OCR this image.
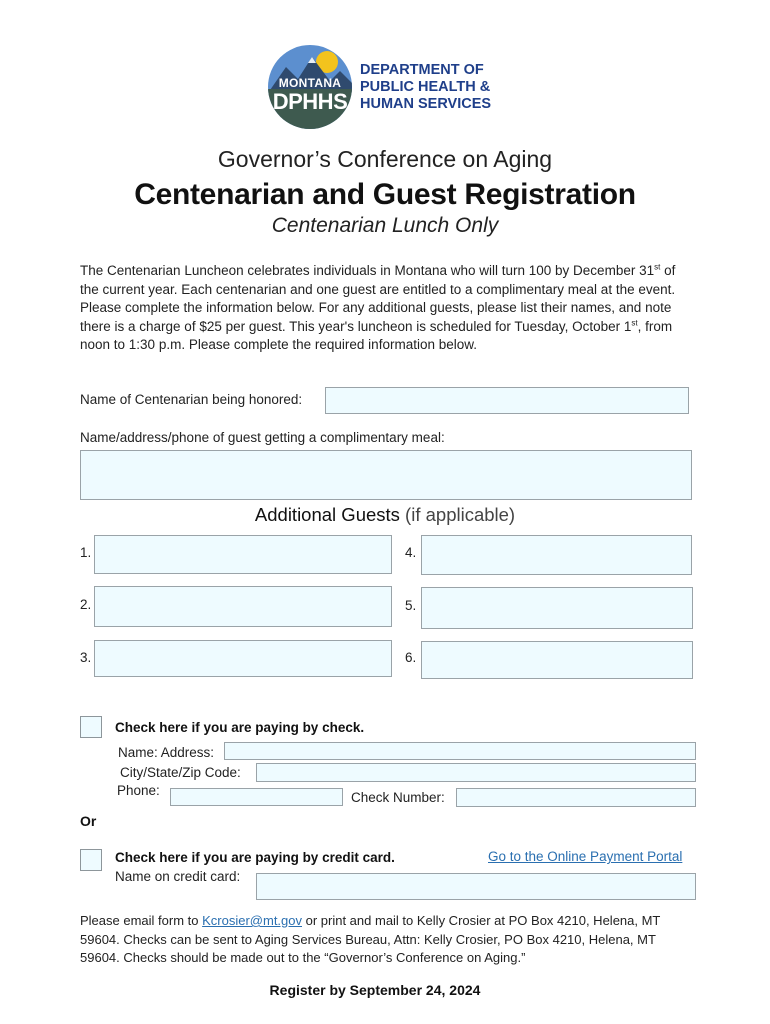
MONTANA
DPHHS
DEPARTMENT OF
PUBLIC HEALTH &
HUMAN SERVICES
Governor’s Conference on Aging
Centenarian and Guest Registration
Centenarian Lunch Only
The Centenarian Luncheon celebrates individuals in Montana who will turn 100 by December 31st of the current year. Each centenarian and one guest are entitled to a complimentary meal at the event. Please complete the information below. For any additional guests, please list their names, and note there is a charge of $25 per guest. This year's luncheon is scheduled for Tuesday, October 1st, from noon to 1:30 p.m. Please complete the required information below.
Name of Centenarian being honored:
Name/address/phone of guest getting a complimentary meal:
Additional Guests (if applicable)
1.
2.
3.
4.
5.
6.
Check here if you are paying by check.
Name: Address:
City/State/Zip Code:
Phone:	Check Number:
Or
Check here if you are paying by credit card.	Go to the Online Payment Portal
Name on credit card:
Please email form to Kcrosier@mt.gov or print and mail to Kelly Crosier at PO Box 4210, Helena, MT 59604. Checks can be sent to Aging Services Bureau, Attn: Kelly Crosier, PO Box 4210, Helena, MT 59604. Checks should be made out to the “Governor’s Conference on Aging.”
Register by September 24, 2024
